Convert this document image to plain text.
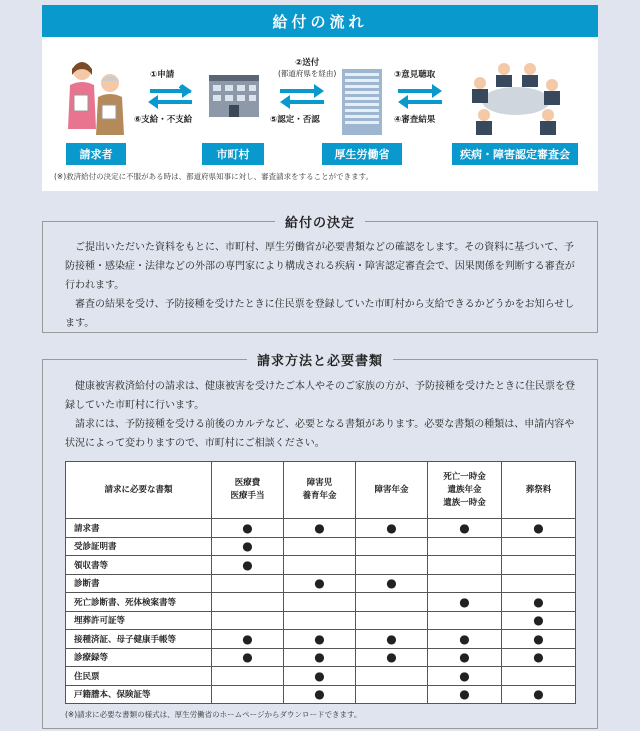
給付の流れ
①申請
⑥支給・不支給
②送付
(都道府県を経由)
⑤認定・否認
③意見聴取
④審査結果
請求者	市町村	厚生労働省	疾病・障害認定審査会
(※)救済給付の決定に不服がある時は、都道府県知事に対し、審査請求をすることができます。
給付の決定

ご提出いただいた資料をもとに、市町村、厚生労働省が必要書類などの確認をします。その資料に基づいて、予防接種・感染症・法律などの外部の専門家により構成される疾病・障害認定審査会で、因果関係を判断する審査が行われます。

審査の結果を受け、予防接種を受けたときに住民票を登録していた市町村から支給できるかどうかをお知らせします。

請求方法と必要書類

健康被害救済給付の請求は、健康被害を受けたご本人やそのご家族の方が、予防接種を受けたときに住民票を登録していた市町村に行います。

請求には、予防接種を受ける前後のカルテなど、必要となる書類があります。必要な書類の種類は、申請内容や状況によって変わりますので、市町村にご相談ください。

請求に必要な書類	医療費
医療手当	障害児
養育年金	障害年金	死亡一時金
遺族年金
遺族一時金	葬祭料
請求書	●	●	●	●	●
受診証明書	●				
領収書等	●				
診断書		●	●		
死亡診断書、死体検案書等				●	●
埋葬許可証等					●
接種済証、母子健康手帳等	●	●	●	●	●
診療録等	●	●	●	●	●
住民票		●		●	
戸籍謄本、保険証等		●		●	●
(※)請求に必要な書類の様式は、厚生労働省のホームページからダウンロードできます。
